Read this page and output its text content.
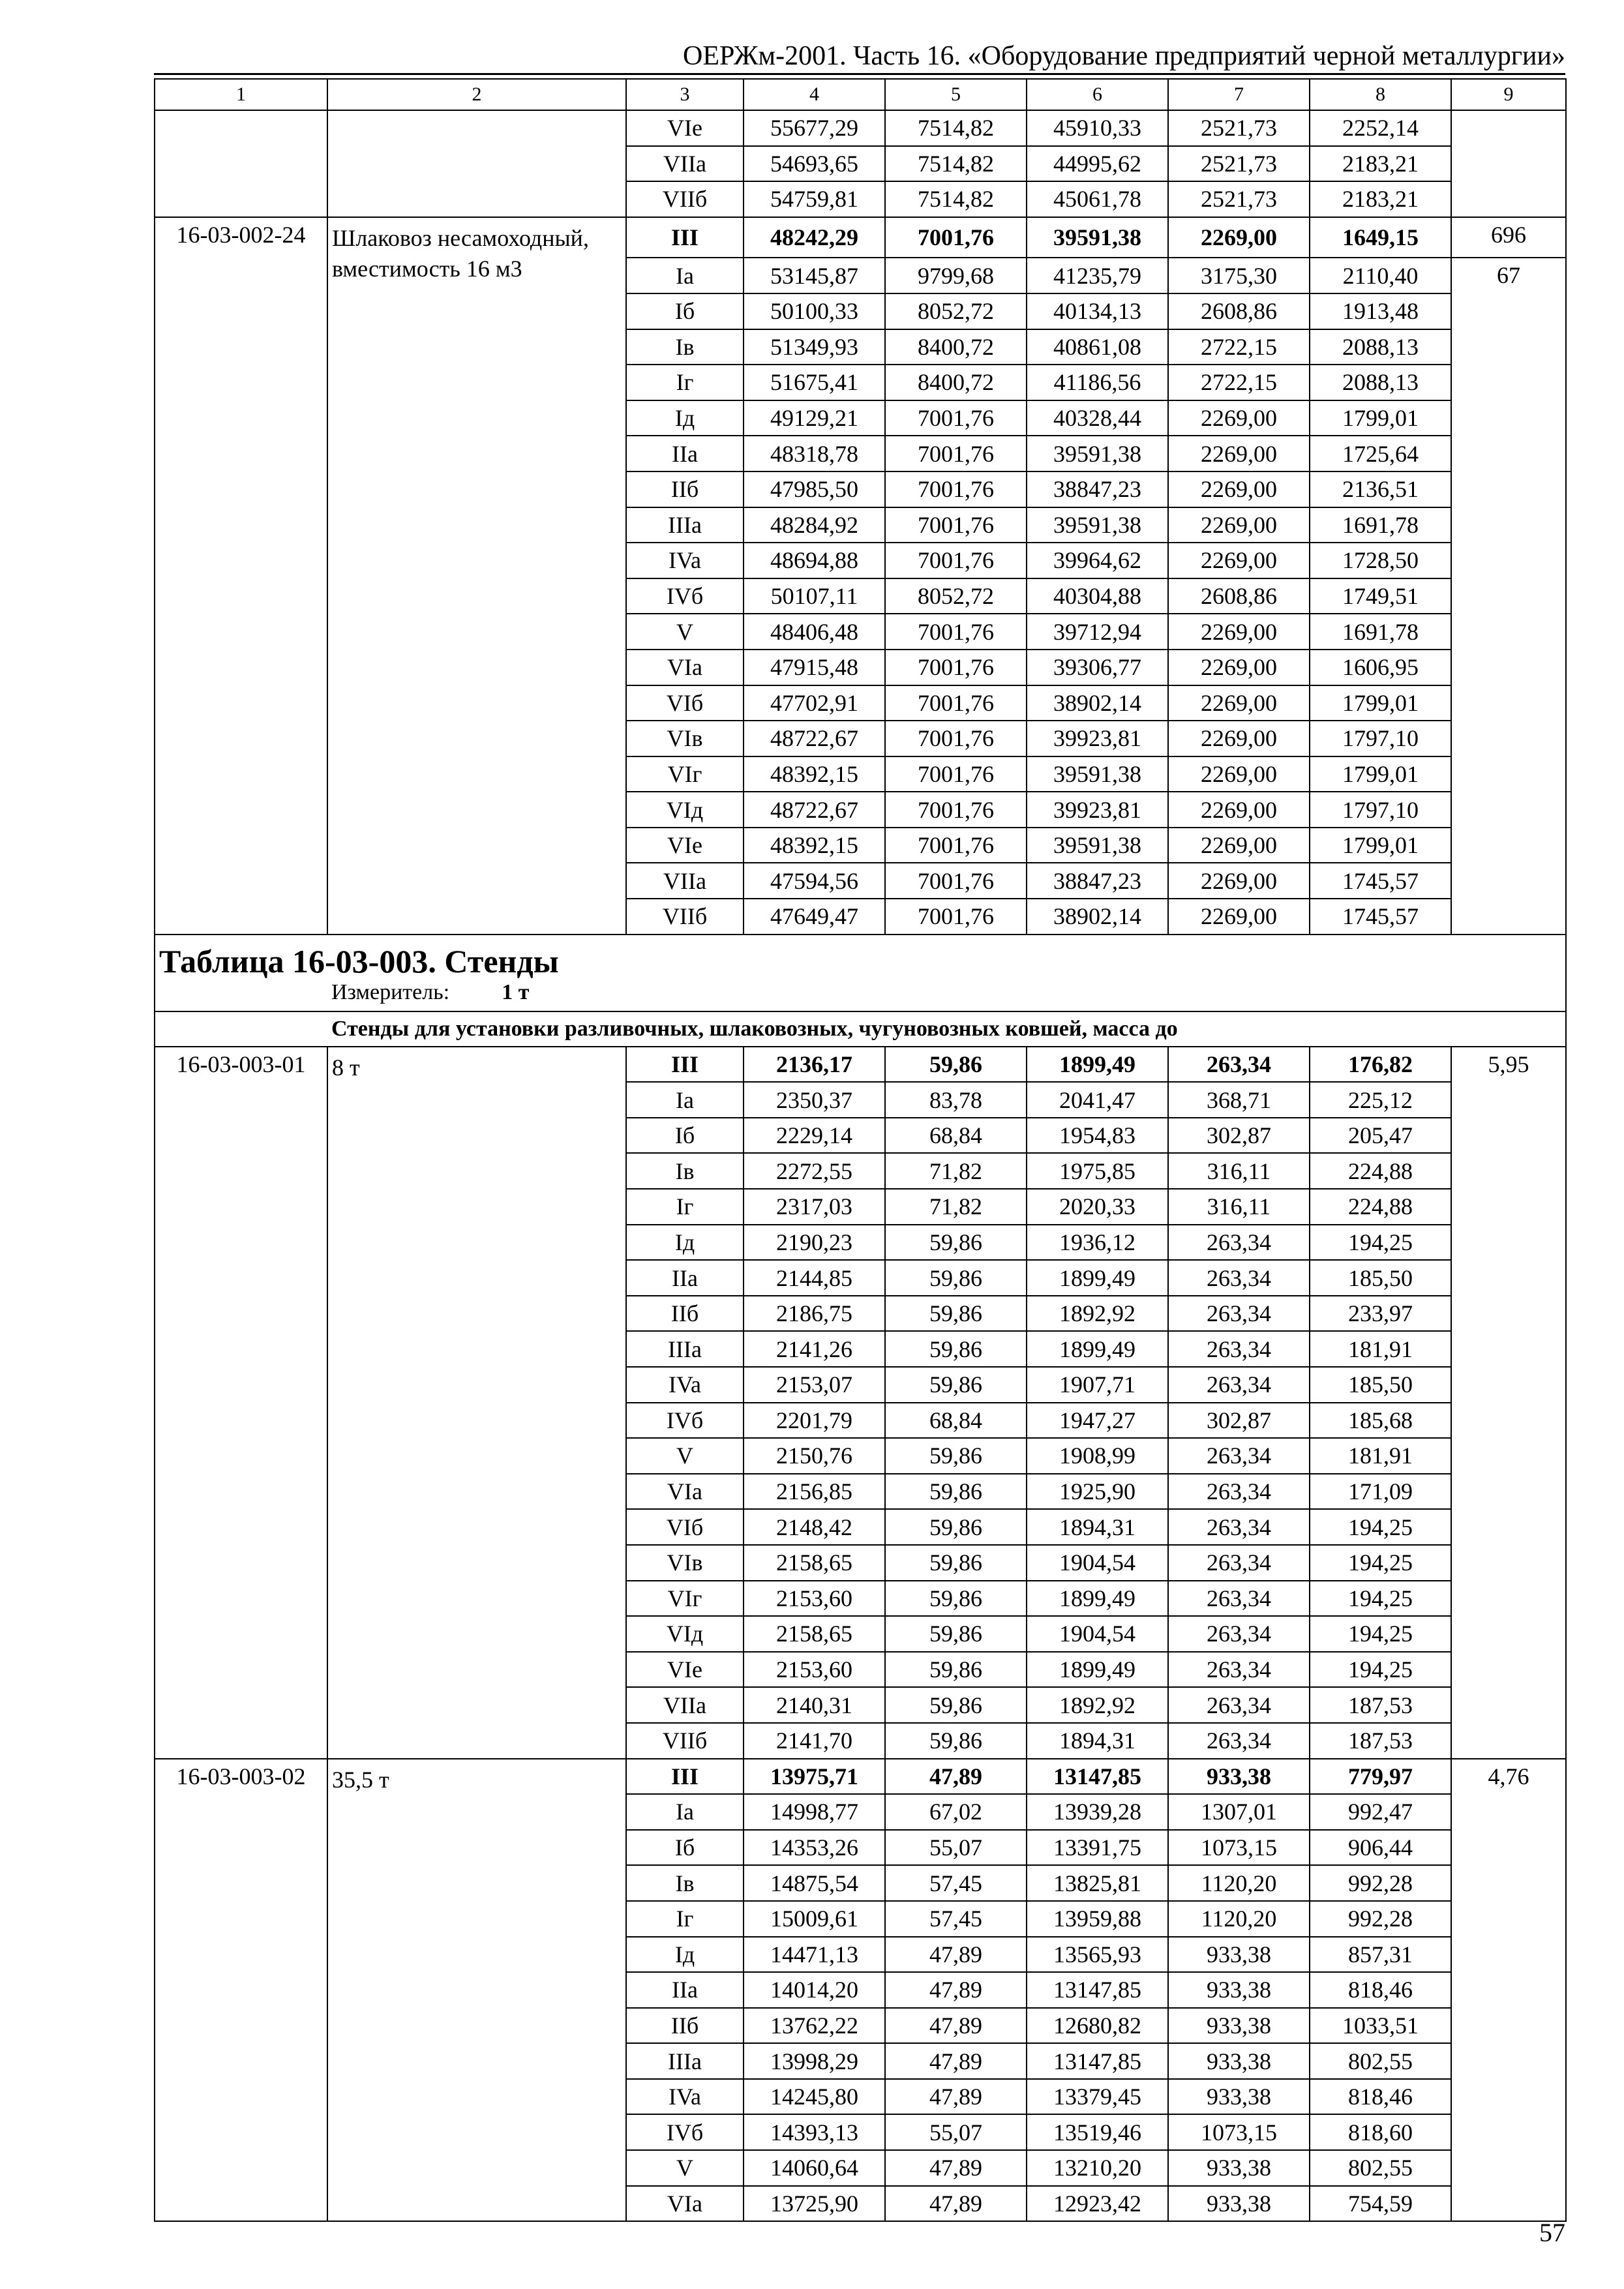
ОЕРЖм-2001. Часть 16. «Оборудование предприятий черной металлургии»
1	2	3	4	5	6	7	8	9
		VIe	55677,29	7514,82	45910,33	2521,73	2252,14	
		VIIa	54693,65	7514,82	44995,62	2521,73	2183,21	
		VIIб	54759,81	7514,82	45061,78	2521,73	2183,21	
16-03-002-24	Шлаковоз несамоходный, вместимость 16 м3	III	48242,29	7001,76	39591,38	2269,00	1649,15	696
		Ia	53145,87	9799,68	41235,79	3175,30	2110,40	67
		Iб	50100,33	8052,72	40134,13	2608,86	1913,48	
		Iв	51349,93	8400,72	40861,08	2722,15	2088,13	
		Iг	51675,41	8400,72	41186,56	2722,15	2088,13	
		Iд	49129,21	7001,76	40328,44	2269,00	1799,01	
		IIa	48318,78	7001,76	39591,38	2269,00	1725,64	
		IIб	47985,50	7001,76	38847,23	2269,00	2136,51	
		IIIa	48284,92	7001,76	39591,38	2269,00	1691,78	
		IVa	48694,88	7001,76	39964,62	2269,00	1728,50	
		IVб	50107,11	8052,72	40304,88	2608,86	1749,51	
		V	48406,48	7001,76	39712,94	2269,00	1691,78	
		VIa	47915,48	7001,76	39306,77	2269,00	1606,95	
		VIб	47702,91	7001,76	38902,14	2269,00	1799,01	
		VIв	48722,67	7001,76	39923,81	2269,00	1797,10	
		VIг	48392,15	7001,76	39591,38	2269,00	1799,01	
		VIд	48722,67	7001,76	39923,81	2269,00	1797,10	
		VIe	48392,15	7001,76	39591,38	2269,00	1799,01	
		VIIa	47594,56	7001,76	38847,23	2269,00	1745,57	
		VIIб	47649,47	7001,76	38902,14	2269,00	1745,57	

Таблица 16-03-003. Стенды
Измеритель: 1 т								

Стенды для установки разливочных, шлаковозных, чугуновозных ковшей, масса до								
16-03-003-01	8 т	III	2136,17	59,86	1899,49	263,34	176,82	5,95
		Ia	2350,37	83,78	2041,47	368,71	225,12	
		Iб	2229,14	68,84	1954,83	302,87	205,47	
		Iв	2272,55	71,82	1975,85	316,11	224,88	
		Iг	2317,03	71,82	2020,33	316,11	224,88	
		Iд	2190,23	59,86	1936,12	263,34	194,25	
		IIa	2144,85	59,86	1899,49	263,34	185,50	
		IIб	2186,75	59,86	1892,92	263,34	233,97	
		IIIa	2141,26	59,86	1899,49	263,34	181,91	
		IVa	2153,07	59,86	1907,71	263,34	185,50	
		IVб	2201,79	68,84	1947,27	302,87	185,68	
		V	2150,76	59,86	1908,99	263,34	181,91	
		VIa	2156,85	59,86	1925,90	263,34	171,09	
		VIб	2148,42	59,86	1894,31	263,34	194,25	
		VIв	2158,65	59,86	1904,54	263,34	194,25	
		VIг	2153,60	59,86	1899,49	263,34	194,25	
		VIд	2158,65	59,86	1904,54	263,34	194,25	
		VIe	2153,60	59,86	1899,49	263,34	194,25	
		VIIa	2140,31	59,86	1892,92	263,34	187,53	
		VIIб	2141,70	59,86	1894,31	263,34	187,53	
16-03-003-02	35,5 т	III	13975,71	47,89	13147,85	933,38	779,97	4,76
		Ia	14998,77	67,02	13939,28	1307,01	992,47	
		Iб	14353,26	55,07	13391,75	1073,15	906,44	
		Iв	14875,54	57,45	13825,81	1120,20	992,28	
		Iг	15009,61	57,45	13959,88	1120,20	992,28	
		Iд	14471,13	47,89	13565,93	933,38	857,31	
		IIa	14014,20	47,89	13147,85	933,38	818,46	
		IIб	13762,22	47,89	12680,82	933,38	1033,51	
		IIIa	13998,29	47,89	13147,85	933,38	802,55	
		IVa	14245,80	47,89	13379,45	933,38	818,46	
		IVб	14393,13	55,07	13519,46	1073,15	818,60	
		V	14060,64	47,89	13210,20	933,38	802,55	
		VIa	13725,90	47,89	12923,42	933,38	754,59	
57
